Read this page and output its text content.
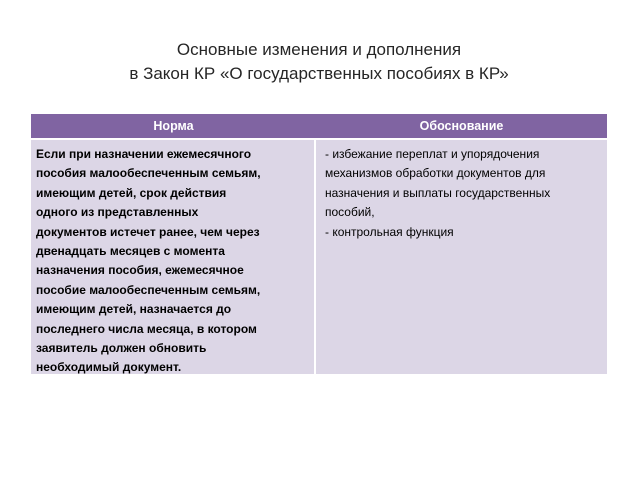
Основные изменения и дополнения
в Закон КР «О государственных пособиях в КР»
Норма	Обоснование
Если при назначении ежемесячного
пособия малообеспеченным семьям,
имеющим детей, срок действия
одного из представленных
документов истечет ранее, чем через
двенадцать месяцев с момента
назначения пособия, ежемесячное
пособие малообеспеченным семьям,
имеющим детей, назначается до
последнего числа месяца, в котором
заявитель должен обновить
необходимый документ.
- избежание переплат и упорядочения
механизмов обработки документов для
назначения и выплаты государственных
пособий,
- контрольная функция
